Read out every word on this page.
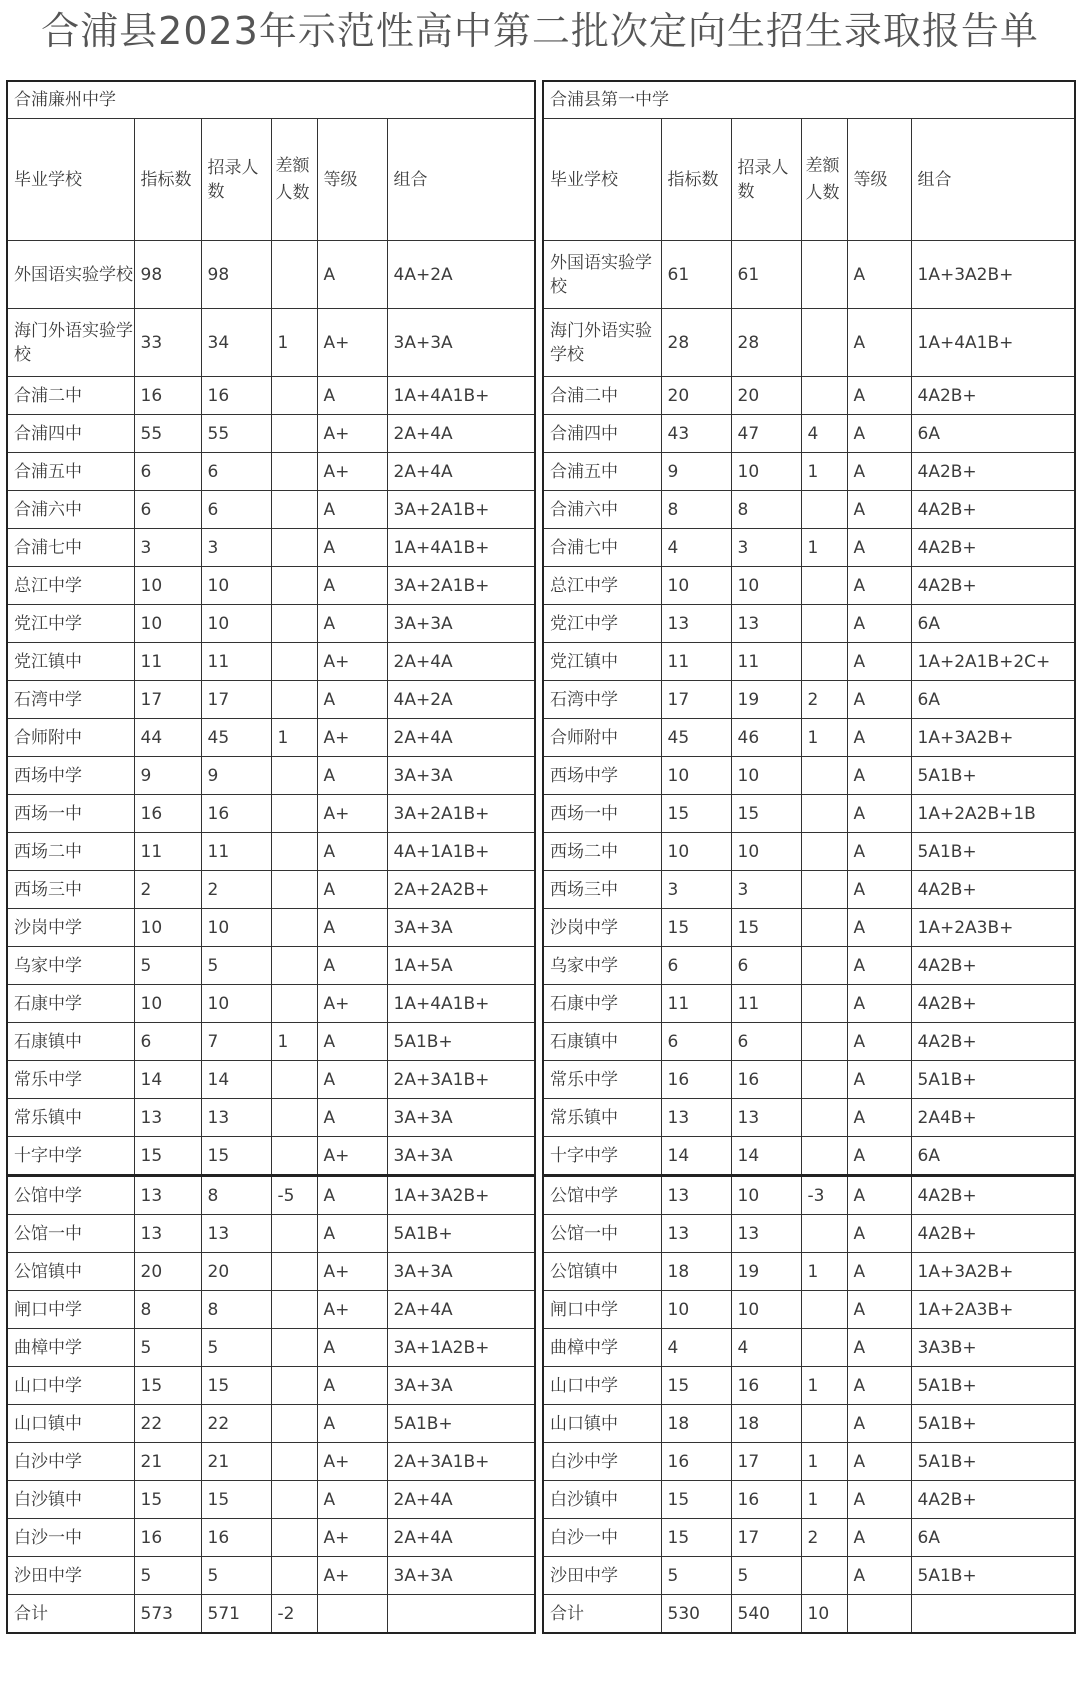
合浦县2023年示范性高中第二批次定向生招生录取报告单
合浦廉州中学					
毕业学校	指标数	招录人数	差额人数	等级	组合
外国语实验学校	98	98		A	4A+2A
海门外语实验学校	33	34	1	A+	3A+3A
合浦二中	16	16		A	1A+4A1B+
合浦四中	55	55		A+	2A+4A
合浦五中	6	6		A+	2A+4A
合浦六中	6	6		A	3A+2A1B+
合浦七中	3	3		A	1A+4A1B+
总江中学	10	10		A	3A+2A1B+
党江中学	10	10		A	3A+3A
党江镇中	11	11		A+	2A+4A
石湾中学	17	17		A	4A+2A
合师附中	44	45	1	A+	2A+4A
西场中学	9	9		A	3A+3A
西场一中	16	16		A+	3A+2A1B+
西场二中	11	11		A	4A+1A1B+
西场三中	2	2		A	2A+2A2B+
沙岗中学	10	10		A	3A+3A
乌家中学	5	5		A	1A+5A
石康中学	10	10		A+	1A+4A1B+
石康镇中	6	7	1	A	5A1B+
常乐中学	14	14		A	2A+3A1B+
常乐镇中	13	13		A	3A+3A
十字中学	15	15		A+	3A+3A
公馆中学	13	8	-5	A	1A+3A2B+
公馆一中	13	13		A	5A1B+
公馆镇中	20	20		A+	3A+3A
闸口中学	8	8		A+	2A+4A
曲樟中学	5	5		A	3A+1A2B+
山口中学	15	15		A	3A+3A
山口镇中	22	22		A	5A1B+
白沙中学	21	21		A+	2A+3A1B+
白沙镇中	15	15		A	2A+4A
白沙一中	16	16		A+	2A+4A
沙田中学	5	5		A+	3A+3A
合计	573	571	-2		
合浦县第一中学					
毕业学校	指标数	招录人数	差额人数	等级	组合
外国语实验学校	61	61		A	1A+3A2B+
海门外语实验学校	28	28		A	1A+4A1B+
合浦二中	20	20		A	4A2B+
合浦四中	43	47	4	A	6A
合浦五中	9	10	1	A	4A2B+
合浦六中	8	8		A	4A2B+
合浦七中	4	3	1	A	4A2B+
总江中学	10	10		A	4A2B+
党江中学	13	13		A	6A
党江镇中	11	11		A	1A+2A1B+2C+
石湾中学	17	19	2	A	6A
合师附中	45	46	1	A	1A+3A2B+
西场中学	10	10		A	5A1B+
西场一中	15	15		A	1A+2A2B+1B
西场二中	10	10		A	5A1B+
西场三中	3	3		A	4A2B+
沙岗中学	15	15		A	1A+2A3B+
乌家中学	6	6		A	4A2B+
石康中学	11	11		A	4A2B+
石康镇中	6	6		A	4A2B+
常乐中学	16	16		A	5A1B+
常乐镇中	13	13		A	2A4B+
十字中学	14	14		A	6A
公馆中学	13	10	-3	A	4A2B+
公馆一中	13	13		A	4A2B+
公馆镇中	18	19	1	A	1A+3A2B+
闸口中学	10	10		A	1A+2A3B+
曲樟中学	4	4		A	3A3B+
山口中学	15	16	1	A	5A1B+
山口镇中	18	18		A	5A1B+
白沙中学	16	17	1	A	5A1B+
白沙镇中	15	16	1	A	4A2B+
白沙一中	15	17	2	A	6A
沙田中学	5	5		A	5A1B+
合计	530	540	10		
